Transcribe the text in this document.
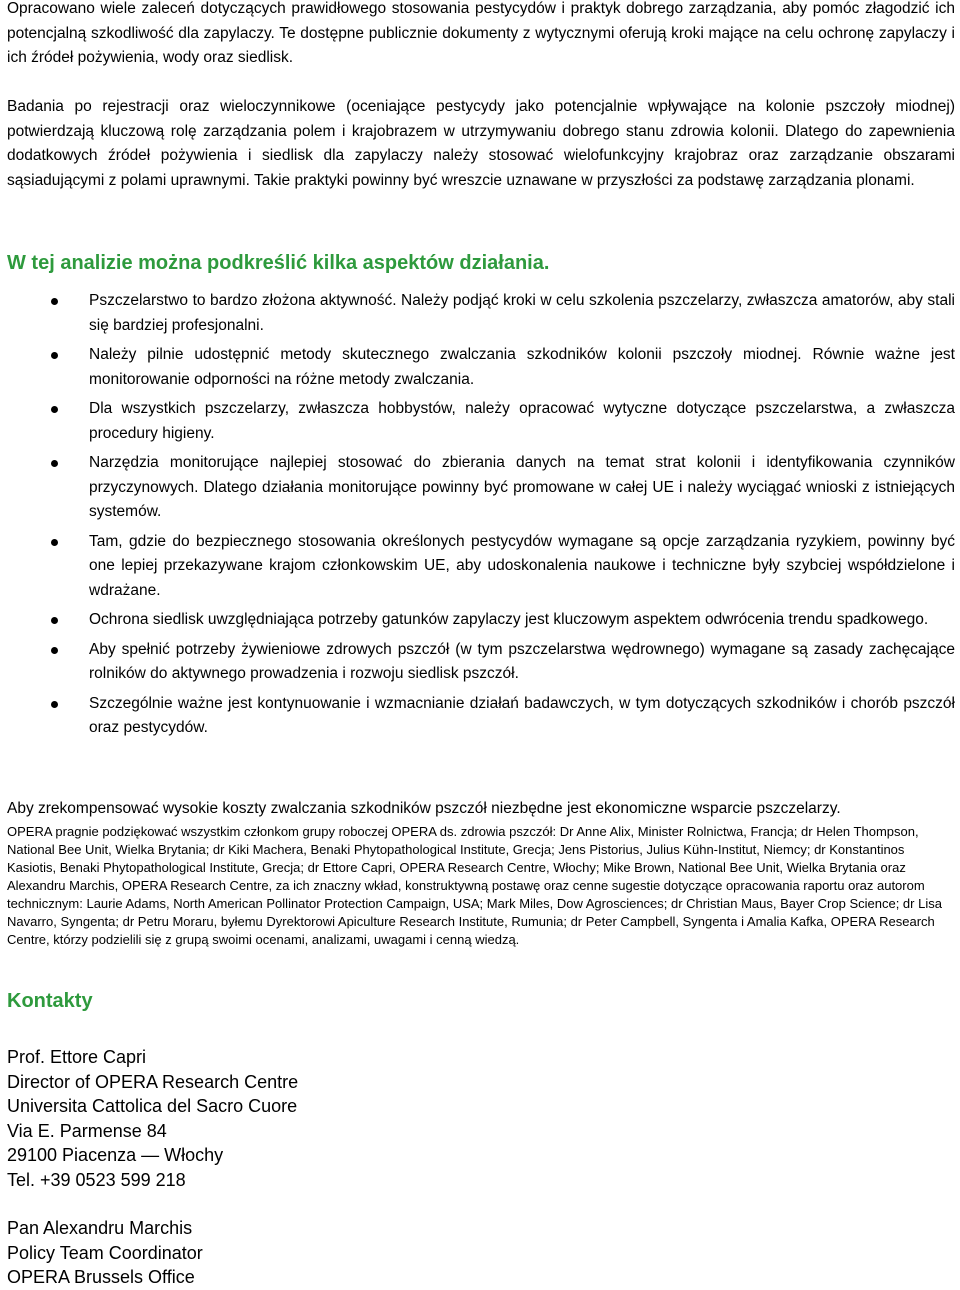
Opracowano wiele zaleceń dotyczących prawidłowego stosowania pestycydów i praktyk dobrego zarządzania, aby pomóc złagodzić ich potencjalną szkodliwość dla zapylaczy. Te dostępne publicznie dokumenty z wytycznymi oferują kroki mające na celu ochronę zapylaczy i ich źródeł pożywienia, wody oraz siedlisk.

Badania po rejestracji oraz wieloczynnikowe (oceniające pestycydy jako potencjalnie wpływające na kolonie pszczoły miodnej) potwierdzają kluczową rolę zarządzania polem i krajobrazem w utrzymywaniu dobrego stanu zdrowia kolonii. Dlatego do zapewnienia dodatkowych źródeł pożywienia i siedlisk dla zapylaczy należy stosować wielofunkcyjny krajobraz oraz zarządzanie obszarami sąsiadującymi z polami uprawnymi. Takie praktyki powinny być wreszcie uznawane w przyszłości za podstawę zarządzania plonami.

W tej analizie można podkreślić kilka aspektów działania.
Pszczelarstwo to bardzo złożona aktywność. Należy podjąć kroki w celu szkolenia pszczelarzy, zwłaszcza amatorów, aby stali się bardziej profesjonalni.
Należy pilnie udostępnić metody skutecznego zwalczania szkodników kolonii pszczoły miodnej. Równie ważne jest monitorowanie odporności na różne metody zwalczania.
Dla wszystkich pszczelarzy, zwłaszcza hobbystów, należy opracować wytyczne dotyczące pszczelarstwa, a zwłaszcza procedury higieny.
Narzędzia monitorujące najlepiej stosować do zbierania danych na temat strat kolonii i identyfikowania czynników przyczynowych. Dlatego działania monitorujące powinny być promowane w całej UE i należy wyciągać wnioski z istniejących systemów.
Tam, gdzie do bezpiecznego stosowania określonych pestycydów wymagane są opcje zarządzania ryzykiem, powinny być one lepiej przekazywane krajom członkowskim UE, aby udoskonalenia naukowe i techniczne były szybciej współdzielone i wdrażane.
Ochrona siedlisk uwzględniająca potrzeby gatunków zapylaczy jest kluczowym aspektem odwrócenia trendu spadkowego.
Aby spełnić potrzeby żywieniowe zdrowych pszczół (w tym pszczelarstwa wędrownego) wymagane są zasady zachęcające rolników do aktywnego prowadzenia i rozwoju siedlisk pszczół.
Szczególnie ważne jest kontynuowanie i wzmacnianie działań badawczych, w tym dotyczących szkodników i chorób pszczół oraz pestycydów.

Aby zrekompensować wysokie koszty zwalczania szkodników pszczół niezbędne jest ekonomiczne wsparcie pszczelarzy.

OPERA pragnie podziękować wszystkim członkom grupy roboczej OPERA ds. zdrowia pszczół: Dr Anne Alix, Minister Rolnictwa, Francja; dr Helen Thompson, National Bee Unit, Wielka Brytania; dr Kiki Machera, Benaki Phytopathological Institute, Grecja; Jens Pistorius, Julius Kühn-Institut, Niemcy; dr Konstantinos Kasiotis, Benaki Phytopathological Institute, Grecja; dr Ettore Capri, OPERA Research Centre, Włochy; Mike Brown, National Bee Unit, Wielka Brytania oraz Alexandru Marchis, OPERA Research Centre, za ich znaczny wkład, konstruktywną postawę oraz cenne sugestie dotyczące opracowania raportu oraz autorom technicznym: Laurie Adams, North American Pollinator Protection Campaign, USA; Mark Miles, Dow Agrosciences; dr Christian Maus, Bayer Crop Science; dr Lisa Navarro, Syngenta; dr Petru Moraru, byłemu Dyrektorowi Apiculture Research Institute, Rumunia; dr Peter Campbell, Syngenta i Amalia Kafka, OPERA Research Centre, którzy podzielili się z grupą swoimi ocenami, analizami, uwagami i cenną wiedzą.

Kontakty
Prof. Ettore Capri
Director of OPERA Research Centre
Universita Cattolica del Sacro Cuore
Via E. Parmense 84
29100 Piacenza — Włochy
Tel. +39 0523 599 218
Pan Alexandru Marchis
Policy Team Coordinator
OPERA Brussels Office
